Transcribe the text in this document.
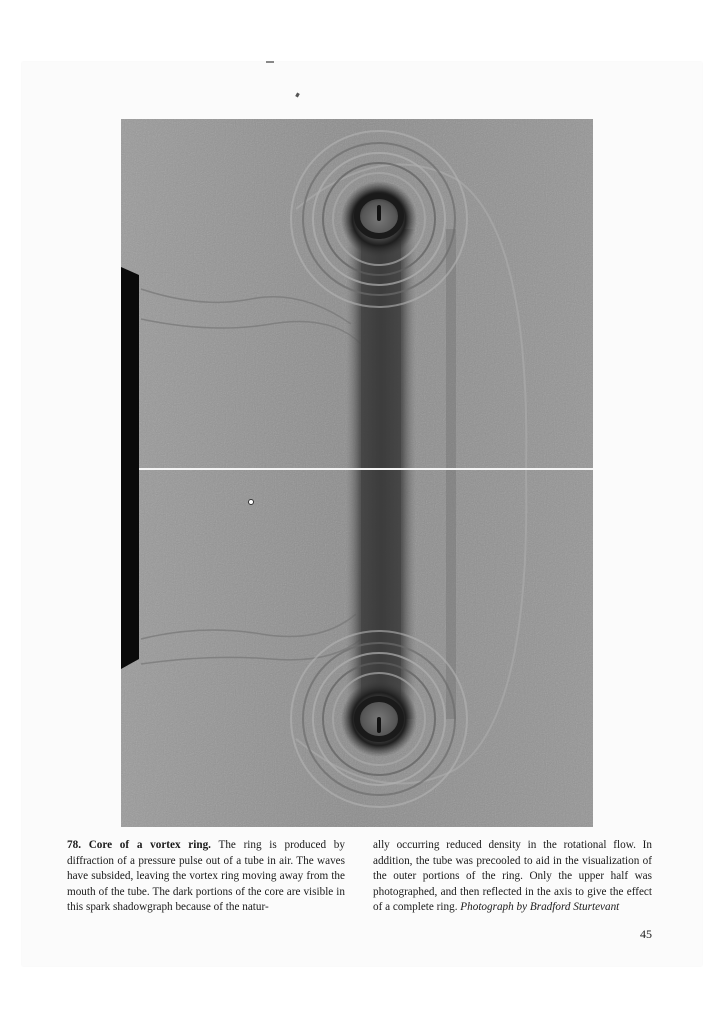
78. Core of a vortex ring. The ring is produced by diffraction of a pressure pulse out of a tube in air. The waves have subsided, leaving the vortex ring moving away from the mouth of the tube. The dark portions of the core are visible in this spark shadowgraph because of the natur-
ally occurring reduced density in the rotational flow. In addition, the tube was precooled to aid in the visualization of the outer portions of the ring. Only the upper half was photographed, and then reflected in the axis to give the effect of a complete ring. Photograph by Bradford Sturtevant
45
